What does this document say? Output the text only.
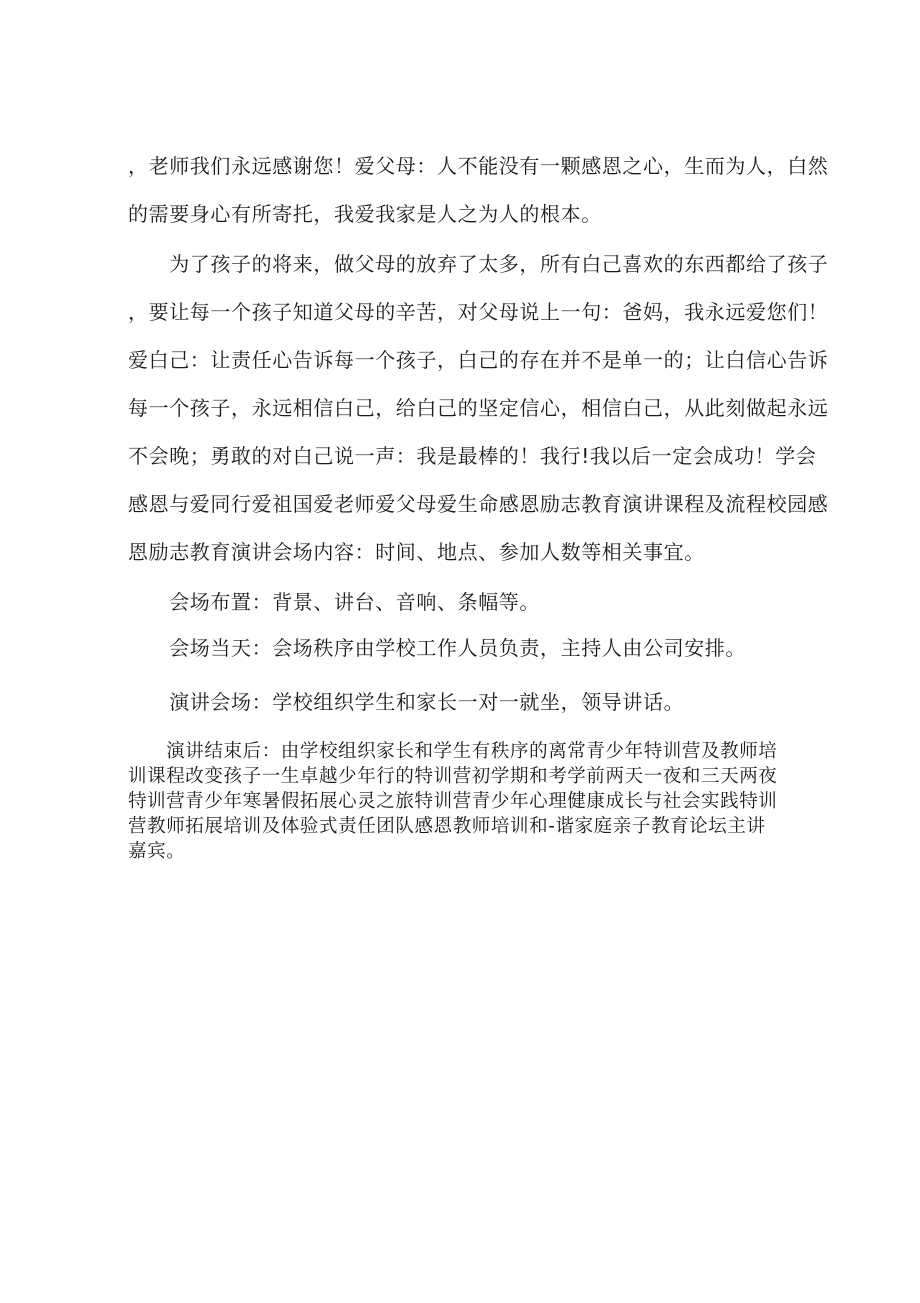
，老师我们永远感谢您！爱父母：人不能没有一颗感恩之心，生而为人，白然
的需要身心有所寄托，我爱我家是人之为人的根本。
　　为了孩子的将来，做父母的放弃了太多，所有白己喜欢的东西都给了孩子
，要让每一个孩子知道父母的辛苦，对父母说上一句：爸妈，我永远爱您们！
爱白己：让责任心告诉每一个孩子，白己的存在并不是单一的；让白信心告诉
每一个孩子，永远相信白己，给白己的坚定信心，相信白己，从此刻做起永远
不会晚；勇敢的对白己说一声：我是最棒的！我行!我以后一定会成功！学会
感恩与爱同行爱祖国爱老师爱父母爱生命感恩励志教育演讲课程及流程校园感
恩励志教育演讲会场内容：时间、地点、参加人数等相关事宜。
　　会场布置：背景、讲台、音响、条幅等。
　　会场当天：会场秩序由学校工作人员负责，主持人由公司安排。
　　演讲会场：学校组织学生和家长一对一就坐，领导讲话。
　　演讲结束后：由学校组织家长和学生有秩序的离常青少年特训营及教师培
训课程改变孩子一生卓越少年行的特训营初学期和考学前两天一夜和三天两夜
特训营青少年寒暑假拓展心灵之旅特训营青少年心理健康成长与社会实践特训
营教师拓展培训及体验式责任团队感恩教师培训和-谐家庭亲子教育论坛主讲
嘉宾。
